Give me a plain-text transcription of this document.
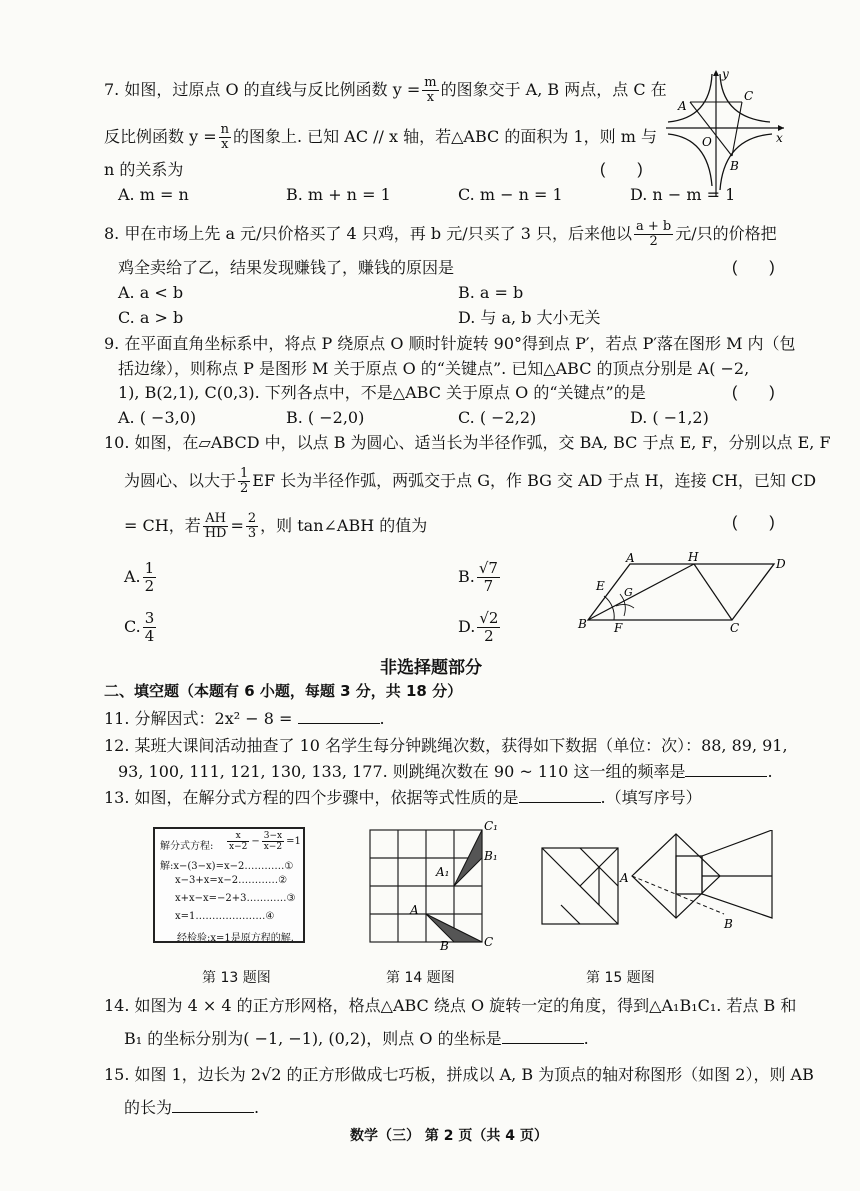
7. 如图，过原点 O 的直线与反比例函数 $y = \frac{m}{x}$ 的图象交于 A, B 两点，点 C 在
反比例函数 $y = \frac{n}{x}$ 的图象上. 已知 AC // x 轴，若△ABC 的面积为 1，则 m 与
n 的关系为	(　　)
A. m = n	B. m + n = 1	C. m − n = 1	D. n − m = 1
y
x
A
C
O
B
8. 甲在市场上先 a 元/只价格买了 4 只鸡，再 b 元/只买了 3 只，后来他以 $\frac{a + b}{2}$ 元/只的价格把
鸡全卖给了乙，结果发现赚钱了，赚钱的原因是	(　　)
A. a < b	B. a = b
C. a > b	D. 与 a, b 大小无关
9. 在平面直角坐标系中，将点 P 绕原点 O 顺时针旋转 90°得到点 P′，若点 P′落在图形 M 内（包
括边缘），则称点 P 是图形 M 关于原点 O 的“关键点”. 已知△ABC 的顶点分别是 A( −2,
1), B(2,1), C(0,3). 下列各点中，不是△ABC 关于原点 O 的“关键点”的是	(　　)
A. ( −3,0)	B. ( −2,0)	C. ( −2,2)	D. ( −1,2)
10. 如图，在▱ABCD 中，以点 B 为圆心、适当长为半径作弧，交 BA, BC 于点 E, F，分别以点 E, F
为圆心、以大于 $\frac{1}{2}$ EF 长为半径作弧，两弧交于点 G，作 BG 交 AD 于点 H，连接 CH，已知 CD
= CH，若 $\frac{AH}{HD} = \frac{2}{3}$ ，则 tan∠ABH 的值为	(　　)
A. $\frac{1}{2}$	B. $\frac{√7}{7}$
C. $\frac{3}{4}$	D. $\frac{√2}{2}$
A	H	D
E G
B F	C
非选择题部分
二、填空题（本题有 6 小题，每题 3 分，共 18 分）
11. 分解因式：2x² − 8 =	.
12. 某班大课间活动抽查了 10 名学生每分钟跳绳次数，获得如下数据（单位：次）：88, 89, 91,
93, 100, 111, 121, 130, 133, 177. 则跳绳次数在 90 ~ 110 这一组的频率是	.
13. 如图，在解分式方程的四个步骤中，依据等式性质的是	.（填写序号）
解分式方程: $\frac{x}{x-2} - \frac{3-x}{x-2} =1$
解:x−(3−x)=x−2…………①
x−3+x=x−2…………②
x+x−x=−2+3…………③
x=1…………………④
经检验:x=1是原方程的解.
C₁
B₁
A₁
A
B	C
A
B
第 13 题图	第 14 题图	第 15 题图
14. 如图为 4 × 4 的正方形网格，格点△ABC 绕点 O 旋转一定的角度，得到△A₁B₁C₁. 若点 B 和
B₁ 的坐标分别为( −1, −1), (0,2)，则点 O 的坐标是	.
15. 如图 1，边长为 2√2 的正方形做成七巧板，拼成以 A, B 为顶点的轴对称图形（如图 2），则 AB
的长为	.
数学（三） 第 2 页（共 4 页）
